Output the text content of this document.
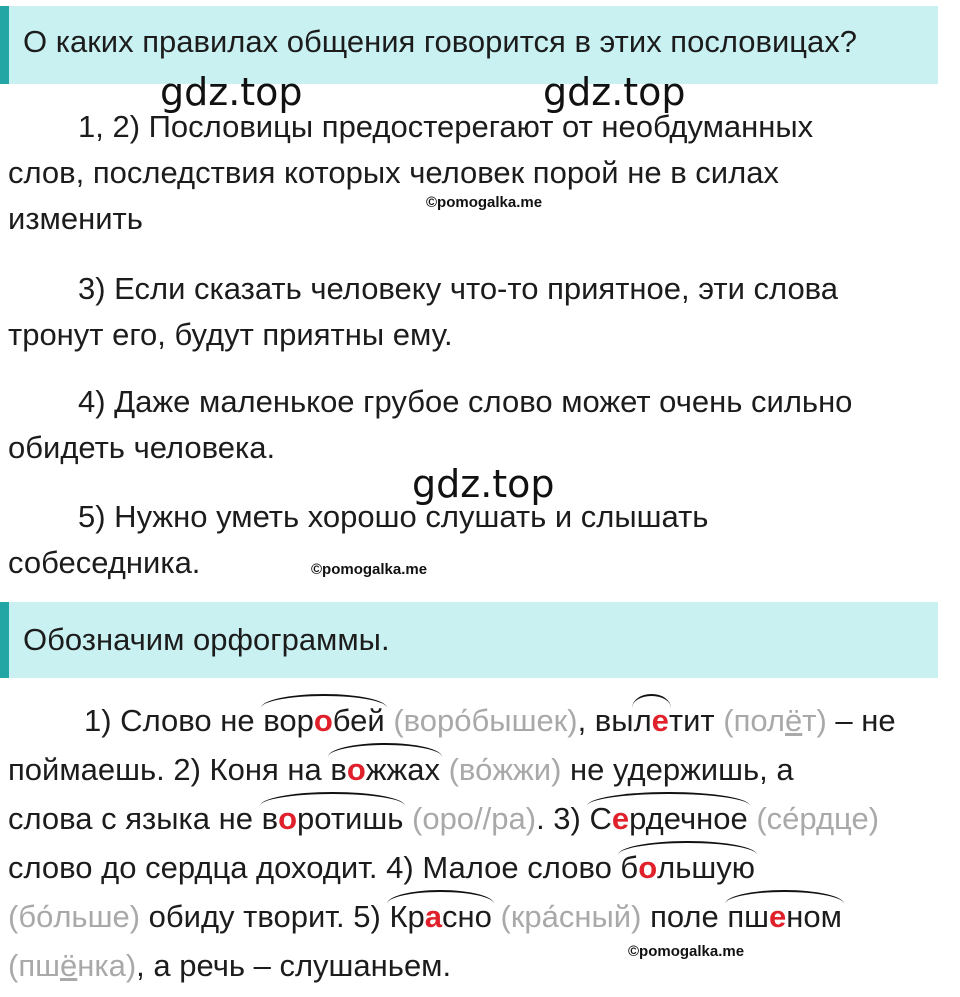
О каких правилах общения говорится в этих пословицах?
gdz.top	gdz.top
gdz.top
1, 2) Пословицы предостерегают от необдуманных
слов, последствия которых человек порой не в силах
изменить	©pomogalka.me
3) Если сказать человеку что-то приятное, эти слова
тронут его, будут приятны ему.
4) Даже маленькое грубое слово может очень сильно
обидеть человека.
5) Нужно уметь хорошо слушать и слышать
собеседника.	©pomogalka.me
Обозначим орфограммы.
1) Слово не воробей (воро́бышек), вылетит (полёт) – не
поймаешь. 2) Коня на вожжах (во́жжи) не удержишь, а
слова с языка не воротишь (оро//ра). 3) Сердечное (се́рдце)
слово до сердца доходит. 4) Малое слово большую
(бо́льше) обиду творит. 5) Красно (кра́сный) поле пшеном
(пшёнка), а речь – слушаньем.	©pomogalka.me
